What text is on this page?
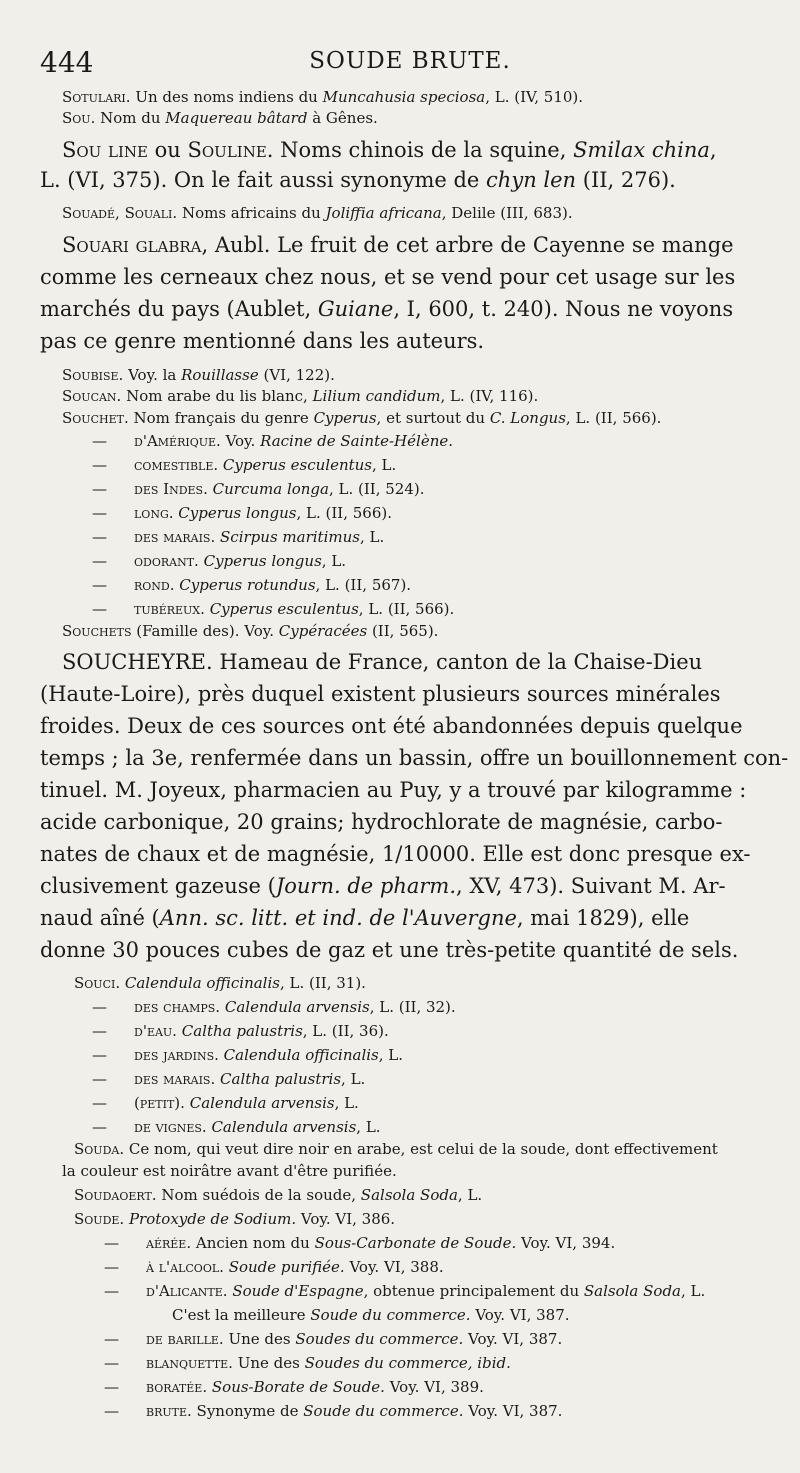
444	SOUDE BRUTE.
Sotulari. Un des noms indiens du Muncahusia speciosa, L. (IV, 510).
Sou. Nom du Maquereau bâtard à Gênes.
Sou line ou Souline. Noms chinois de la squine, Smilax china,
L. (VI, 375). On le fait aussi synonyme de chyn len (II, 276).
Souadé, Souali. Noms africains du Joliffia africana, Delile (III, 683).
Souari glabra, Aubl. Le fruit de cet arbre de Cayenne se mange
comme les cerneaux chez nous, et se vend pour cet usage sur les
marchés du pays (Aublet, Guiane, I, 600, t. 240). Nous ne voyons
pas ce genre mentionné dans les auteurs.
Soubise. Voy. la Rouillasse (VI, 122).
Soucan. Nom arabe du lis blanc, Lilium candidum, L. (IV, 116).
Souchet. Nom français du genre Cyperus, et surtout du C. Longus, L. (II, 566).
— d'Amérique. Voy. Racine de Sainte-Hélène.
— comestible. Cyperus esculentus, L.
— des Indes. Curcuma longa, L. (II, 524).
— long. Cyperus longus, L. (II, 566).
— des marais. Scirpus maritimus, L.
— odorant. Cyperus longus, L.
— rond. Cyperus rotundus, L. (II, 567).
— tubéreux. Cyperus esculentus, L. (II, 566).
Souchets (Famille des). Voy. Cypéracées (II, 565).
SOUCHEYRE. Hameau de France, canton de la Chaise-Dieu
(Haute-Loire), près duquel existent plusieurs sources minérales
froides. Deux de ces sources ont été abandonnées depuis quelque
temps ; la 3e, renfermée dans un bassin, offre un bouillonnement con-
tinuel. M. Joyeux, pharmacien au Puy, y a trouvé par kilogramme :
acide carbonique, 20 grains; hydrochlorate de magnésie, carbo-
nates de chaux et de magnésie, 1/10000. Elle est donc presque ex-
clusivement gazeuse (Journ. de pharm., XV, 473). Suivant M. Ar-
naud aîné (Ann. sc. litt. et ind. de l'Auvergne, mai 1829), elle
donne 30 pouces cubes de gaz et une très-petite quantité de sels.
Souci. Calendula officinalis, L. (II, 31).
— des champs. Calendula arvensis, L. (II, 32).
— d'eau. Caltha palustris, L. (II, 36).
— des jardins. Calendula officinalis, L.
— des marais. Caltha palustris, L.
— (petit). Calendula arvensis, L.
— de vignes. Calendula arvensis, L.
Souda. Ce nom, qui veut dire noir en arabe, est celui de la soude, dont effectivement
la couleur est noirâtre avant d'être purifiée.
Soudaoert. Nom suédois de la soude, Salsola Soda, L.
Soude. Protoxyde de Sodium. Voy. VI, 386.
— aérée. Ancien nom du Sous-Carbonate de Soude. Voy. VI, 394.
— à l'alcool. Soude purifiée. Voy. VI, 388.
— d'Alicante. Soude d'Espagne, obtenue principalement du Salsola Soda, L.
C'est la meilleure Soude du commerce. Voy. VI, 387.
— de barille. Une des Soudes du commerce. Voy. VI, 387.
— blanquette. Une des Soudes du commerce, ibid.
— boratée. Sous-Borate de Soude. Voy. VI, 389.
— brute. Synonyme de Soude du commerce. Voy. VI, 387.
